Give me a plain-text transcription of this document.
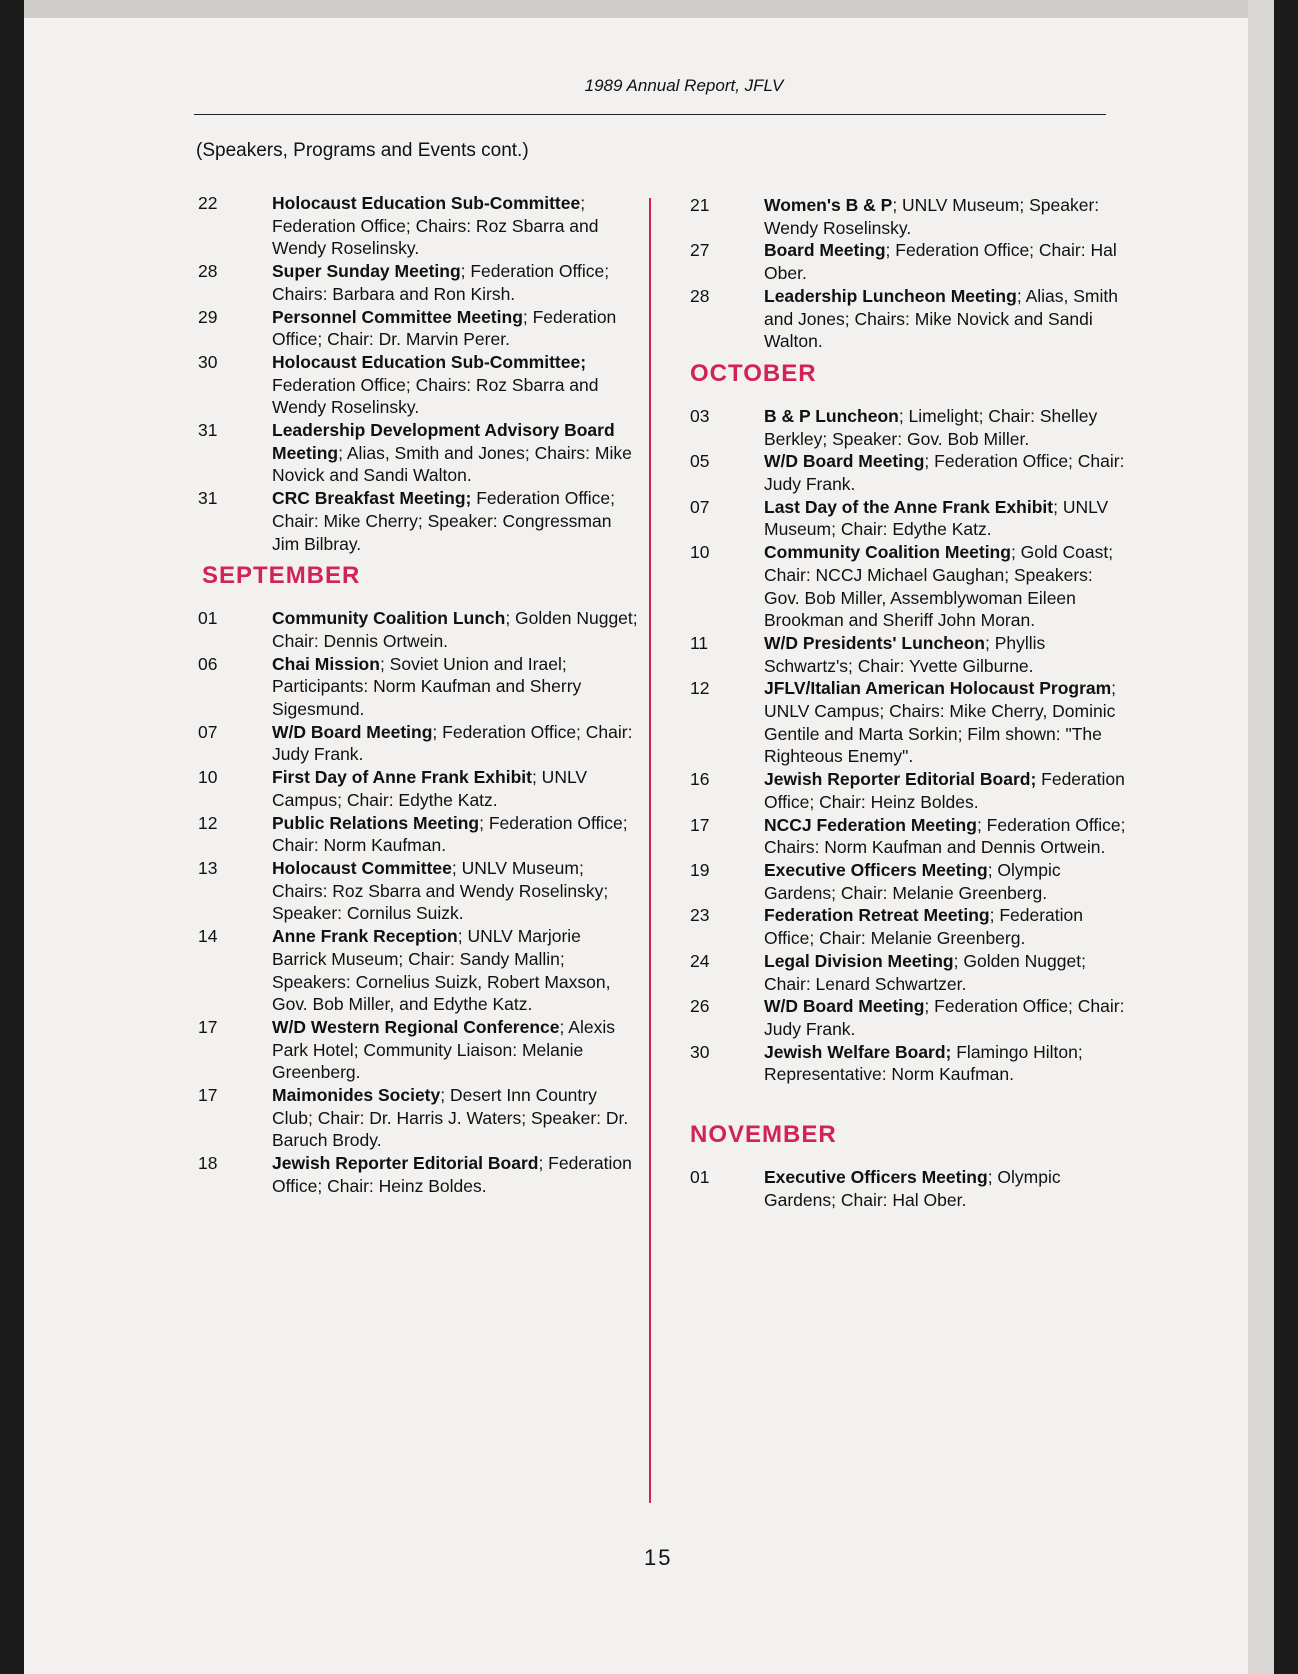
1989 Annual Report, JFLV
(Speakers, Programs and Events cont.)
22	Holocaust Education Sub-Committee; Federation Office; Chairs: Roz Sbarra and Wendy Roselinsky.
28	Super Sunday Meeting; Federation Office; Chairs: Barbara and Ron Kirsh.
29	Personnel Committee Meeting; Federation Office; Chair: Dr. Marvin Perer.
30	Holocaust Education Sub-Committee; Federation Office; Chairs: Roz Sbarra and Wendy Roselinsky.
31	Leadership Development Advisory Board Meeting; Alias, Smith and Jones; Chairs: Mike Novick and Sandi Walton.
31	CRC Breakfast Meeting; Federation Office; Chair: Mike Cherry; Speaker: Congressman Jim Bilbray.
SEPTEMBER
01	Community Coalition Lunch; Golden Nugget; Chair: Dennis Ortwein.
06	Chai Mission; Soviet Union and Irael; Participants: Norm Kaufman and Sherry Sigesmund.
07	W/D Board Meeting; Federation Office; Chair: Judy Frank.
10	First Day of Anne Frank Exhibit; UNLV Campus; Chair: Edythe Katz.
12	Public Relations Meeting; Federation Office; Chair: Norm Kaufman.
13	Holocaust Committee; UNLV Museum; Chairs: Roz Sbarra and Wendy Roselinsky; Speaker: Cornilus Suizk.
14	Anne Frank Reception; UNLV Marjorie Barrick Museum; Chair: Sandy Mallin; Speakers: Cornelius Suizk, Robert Maxson, Gov. Bob Miller, and Edythe Katz.
17	W/D Western Regional Conference; Alexis Park Hotel; Community Liaison: Melanie Greenberg.
17	Maimonides Society; Desert Inn Country Club; Chair: Dr. Harris J. Waters; Speaker: Dr. Baruch Brody.
18	Jewish Reporter Editorial Board; Federation Office; Chair: Heinz Boldes.
21	Women's B & P; UNLV Museum; Speaker: Wendy Roselinsky.
27	Board Meeting; Federation Office; Chair: Hal Ober.
28	Leadership Luncheon Meeting; Alias, Smith and Jones; Chairs: Mike Novick and Sandi Walton.
OCTOBER
03	B & P Luncheon; Limelight; Chair: Shelley Berkley; Speaker: Gov. Bob Miller.
05	W/D Board Meeting; Federation Office; Chair: Judy Frank.
07	Last Day of the Anne Frank Exhibit; UNLV Museum; Chair: Edythe Katz.
10	Community Coalition Meeting; Gold Coast; Chair: NCCJ Michael Gaughan; Speakers: Gov. Bob Miller, Assemblywoman Eileen Brookman and Sheriff John Moran.
11	W/D Presidents' Luncheon; Phyllis Schwartz's; Chair: Yvette Gilburne.
12	JFLV/Italian American Holocaust Program; UNLV Campus; Chairs: Mike Cherry, Dominic Gentile and Marta Sorkin; Film shown: "The Righteous Enemy".
16	Jewish Reporter Editorial Board; Federation Office; Chair: Heinz Boldes.
17	NCCJ Federation Meeting; Federation Office; Chairs: Norm Kaufman and Dennis Ortwein.
19	Executive Officers Meeting; Olympic Gardens; Chair: Melanie Greenberg.
23	Federation Retreat Meeting; Federation Office; Chair: Melanie Greenberg.
24	Legal Division Meeting; Golden Nugget; Chair: Lenard Schwartzer.
26	W/D Board Meeting; Federation Office; Chair: Judy Frank.
30	Jewish Welfare Board; Flamingo Hilton; Representative: Norm Kaufman.
NOVEMBER
01	Executive Officers Meeting; Olympic Gardens; Chair: Hal Ober.
15
